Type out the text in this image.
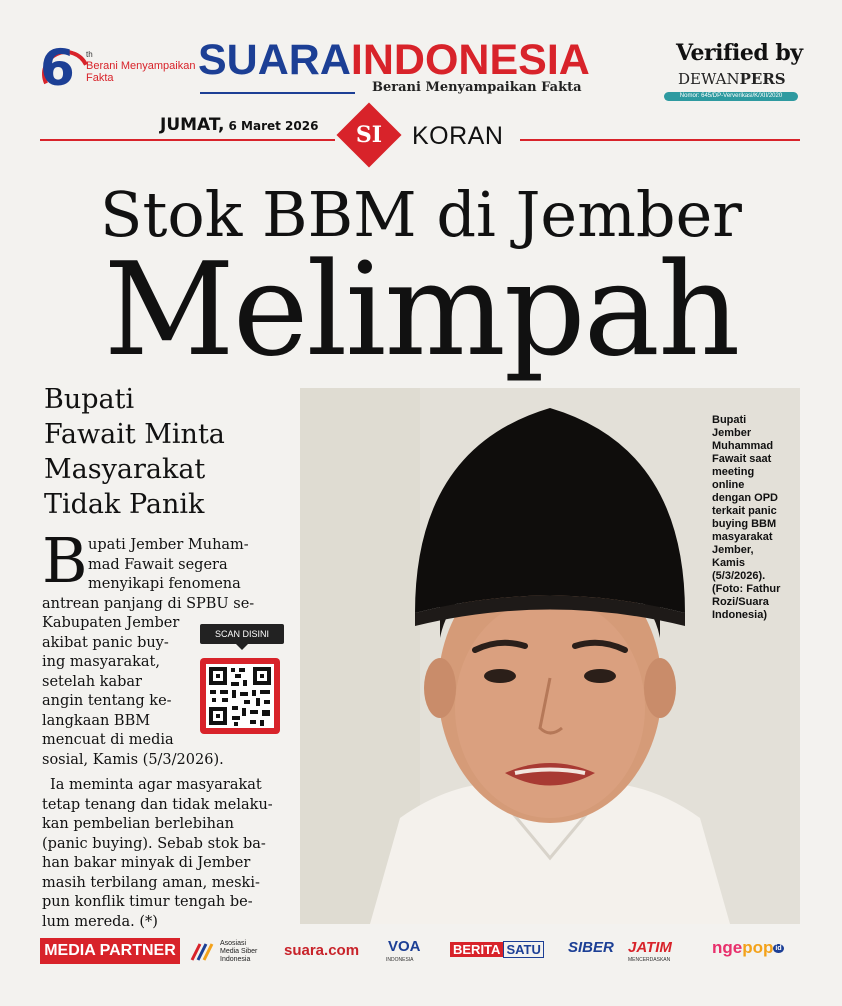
6 th
Berani Menyampaikan Fakta	SUARAINDONESIA
Berani Menyampaikan Fakta
Verified by
DEWANPERS
Nomor: 645/DP-Ververikasi/K/XII/2020
JUMAT, 6 Maret 2026	SI	KORAN
Stok BBM di Jember
Melimpah
Bupati
Jember
Muhammad
Fawait saat
meeting
online
dengan OPD
terkait panic
buying BBM
masyarakat
Jember,
Kamis
(5/3/2026).
(Foto: Fathur
Rozi/Suara
Indonesia)
Bupati
Fawait Minta
Masyarakat
Tidak Panik
B upati Jember Muham-
mad Fawait segera
menyikapi fenomena
antrean panjang di SPBU se-
Kabupaten Jember
akibat panic buy-
ing masyarakat,
setelah kabar
angin tentang ke-
langkaan BBM
mencuat di media
sosial, Kamis (5/3/2026).
Ia meminta agar masyarakat
tetap tenang dan tidak melaku-
kan pembelian berlebihan
(panic buying). Sebab stok ba-
han bakar minyak di Jember
masih terbilang aman, meski-
pun konflik timur tengah be-
lum mereda. (*)
SCAN DISINI
MEDIA PARTNER	Asosiasi
Media Siber
Indonesia
suara.com VOA
INDONESIA
BERITA SATU SIBER JATIM
MENCERDASKAN
ngepop id
